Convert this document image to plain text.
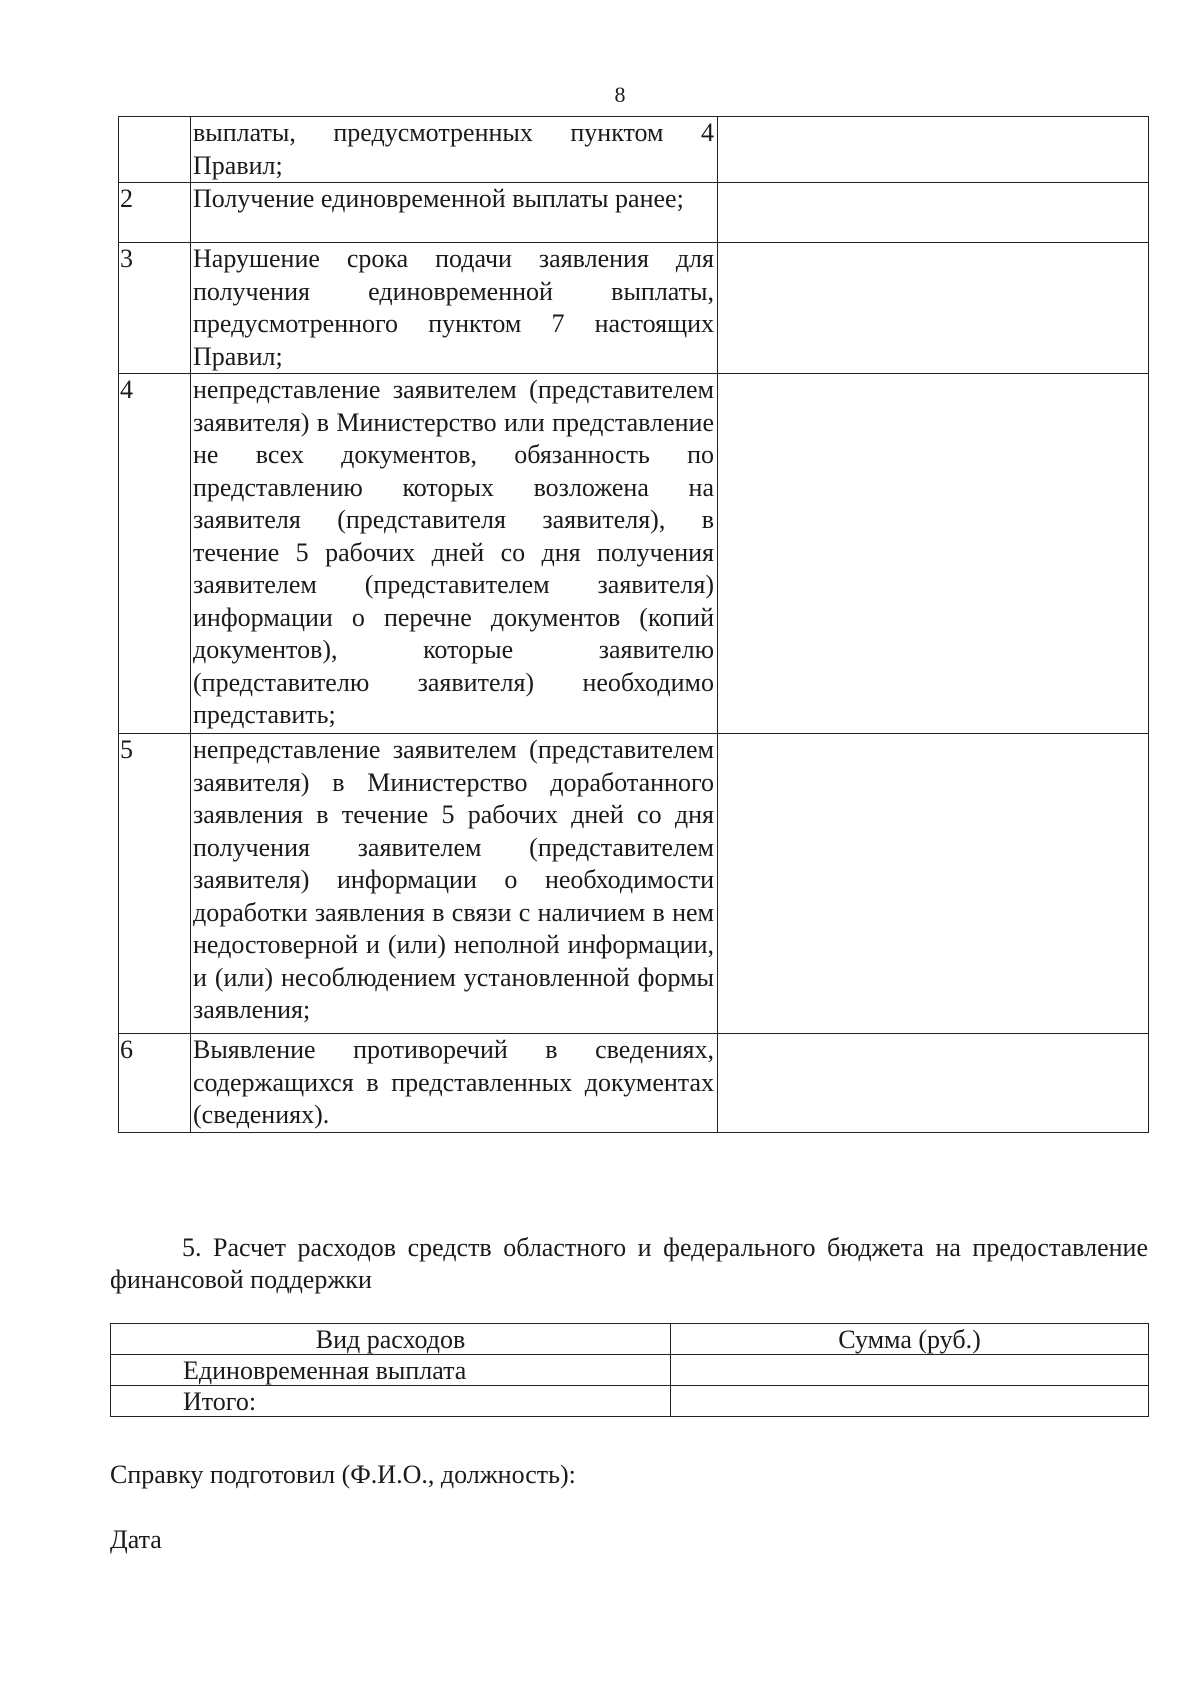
8
	выплаты, предусмотренных пунктом 4 Правил;	
2	Получение единовременной выплаты ранее;	
3	Нарушение срока подачи заявления для получения единовременной выплаты, предусмотренного пунктом 7 настоящих Правил;	
4	непредставление заявителем (представителем заявителя) в Министерство или представление не всех документов, обязанность по представлению которых возложена на заявителя (представителя заявителя), в течение 5 рабочих дней со дня получения заявителем (представителем заявителя) информации о перечне документов (копий документов), которые заявителю (представителю заявителя) необходимо представить;	
5	непредставление заявителем (представителем заявителя) в Министерство доработанного заявления в течение 5 рабочих дней со дня получения заявителем (представителем заявителя) информации о необходимости доработки заявления в связи с наличием в нем недостоверной и (или) неполной информации, и (или) несоблюдением установленной формы заявления;	
6	Выявление противоречий в сведениях, содержащихся в представленных документах (сведениях).	
5. Расчет расходов средств областного и федерального бюджета на предоставление финансовой поддержки
Вид расходов	Сумма (руб.)
Единовременная выплата	
Итого:	
Справку подготовил (Ф.И.О., должность):
Дата
